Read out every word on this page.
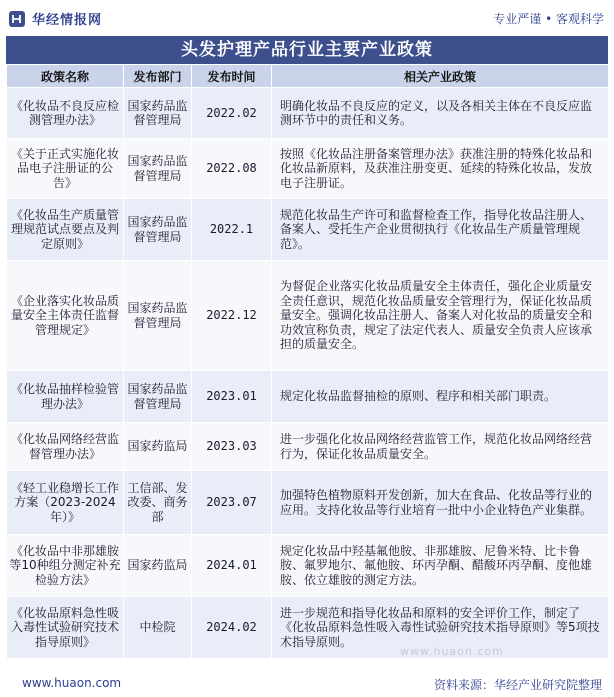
华经情报网	专业严谨 • 客观科学
头发护理产品行业主要产业政策
政策名称	发布部门	发布时间	相关产业政策
《化妆品不良反应检测管理办法》	国家药品监督管理局	2022.02	明确化妆品不良反应的定义，以及各相关主体在不良反应监测环节中的责任和义务。
《关于正式实施化妆品电子注册证的公告》	国家药品监督管理局	2022.08	按照《化妆品注册备案管理办法》获准注册的特殊化妆品和化妆品新原料，及获准注册变更、延续的特殊化妆品，发放电子注册证。
《化妆品生产质量管理规范试点要点及判定原则》	国家药品监督管理局	2022.1	规范化妆品生产许可和监督检查工作，指导化妆品注册人、备案人、受托生产企业贯彻执行《化妆品生产质量管理规范》。
《企业落实化妆品质量安全主体责任监督管理规定》	国家药品监督管理局	2022.12	为督促企业落实化妆品质量安全主体责任，强化企业质量安全责任意识，规范化妆品质量安全管理行为，保证化妆品质量安全。强调化妆品注册人、备案人对化妆品的质量安全和功效宣称负责，规定了法定代表人、质量安全负责人应该承担的质量安全。
《化妆品抽样检验管理办法》	国家药品监督管理局	2023.01	规定化妆品监督抽检的原则、程序和相关部门职责。
《化妆品网络经营监督管理办法》	国家药监局	2023.03	进一步强化化妆品网络经营监管工作，规范化妆品网络经营行为，保证化妆品质量安全。
《轻工业稳增长工作方案（2023-2024年）》	工信部、发改委、商务部	2023.07	加强特色植物原料开发创新，加大在食品、化妆品等行业的应用。支持化妆品等行业培育一批中小企业特色产业集群。
《化妆品中非那雄胺等10种组分测定补充检验方法》	国家药监局	2024.01	规定化妆品中羟基氟他胺、非那雄胺、尼鲁米特、比卡鲁胺、氟罗地尔、氟他胺、环丙孕酮、醋酸环丙孕酮、度他雄胺、依立雄胺的测定方法。
《化妆品原料急性吸入毒性试验研究技术指导原则》	中检院	2024.02	进一步规范和指导化妆品和原料的安全评价工作，制定了《化妆品原料急性吸入毒性试验研究技术指导原则》等5项技术指导原则。
www.huaon.com
www.huaon.com	资料来源：华经产业研究院整理
